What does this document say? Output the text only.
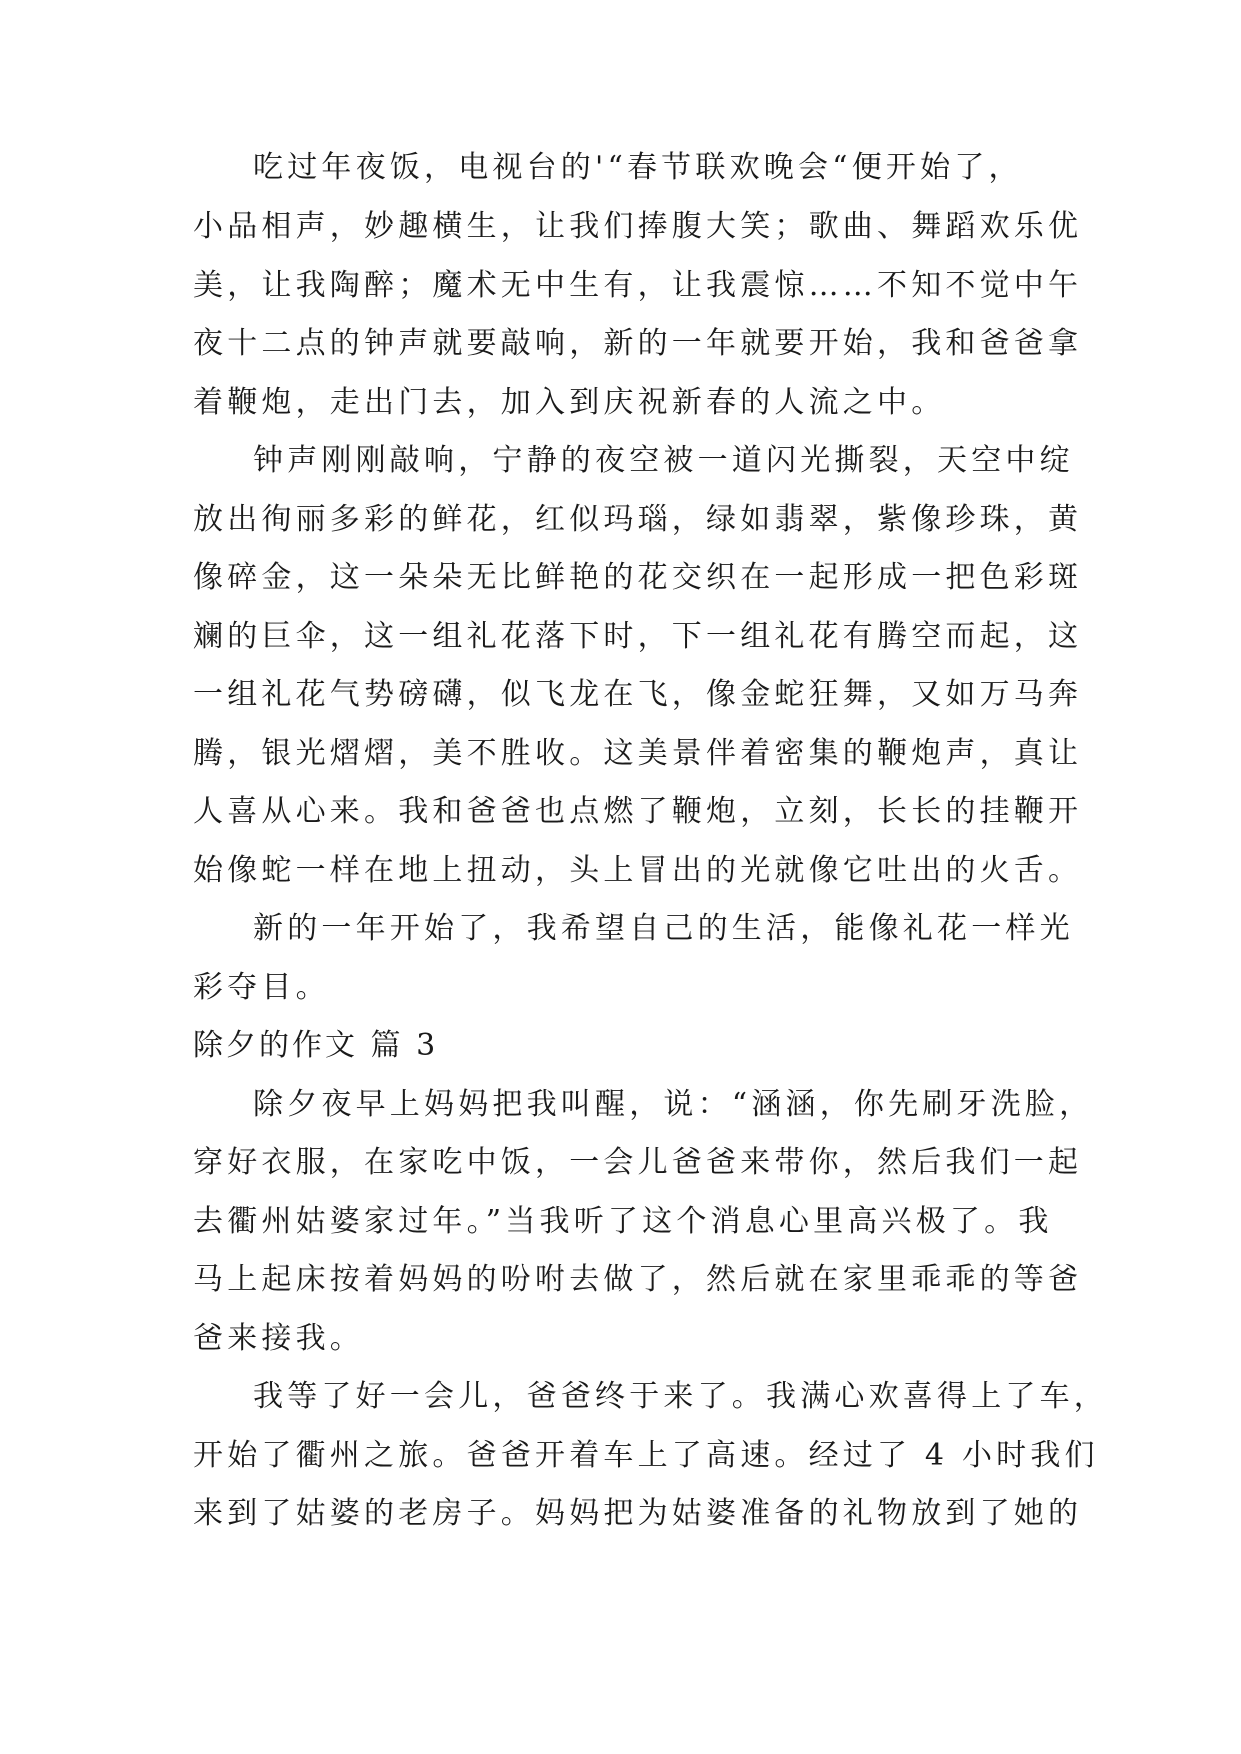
吃过年夜饭，电视台的'“春节联欢晚会“便开始了，
小品相声，妙趣横生，让我们捧腹大笑；歌曲、舞蹈欢乐优
美，让我陶醉；魔术无中生有，让我震惊……不知不觉中午
夜十二点的钟声就要敲响，新的一年就要开始，我和爸爸拿
着鞭炮，走出门去，加入到庆祝新春的人流之中。
钟声刚刚敲响，宁静的夜空被一道闪光撕裂，天空中绽
放出徇丽多彩的鲜花，红似玛瑙，绿如翡翠，紫像珍珠，黄
像碎金，这一朵朵无比鲜艳的花交织在一起形成一把色彩斑
斓的巨伞，这一组礼花落下时，下一组礼花有腾空而起，这
一组礼花气势磅礴，似飞龙在飞，像金蛇狂舞，又如万马奔
腾，银光熠熠，美不胜收。这美景伴着密集的鞭炮声，真让
人喜从心来。我和爸爸也点燃了鞭炮，立刻，长长的挂鞭开
始像蛇一样在地上扭动，头上冒出的光就像它吐出的火舌。
新的一年开始了，我希望自己的生活，能像礼花一样光
彩夺目。
除夕的作文 篇 3
除夕夜早上妈妈把我叫醒，说：“涵涵，你先刷牙洗脸，
穿好衣服，在家吃中饭，一会儿爸爸来带你，然后我们一起
去衢州姑婆家过年。”当我听了这个消息心里高兴极了。我
马上起床按着妈妈的吩咐去做了，然后就在家里乖乖的等爸
爸来接我。
我等了好一会儿，爸爸终于来了。我满心欢喜得上了车，
开始了衢州之旅。爸爸开着车上了高速。经过了 4 小时我们
来到了姑婆的老房子。妈妈把为姑婆准备的礼物放到了她的
